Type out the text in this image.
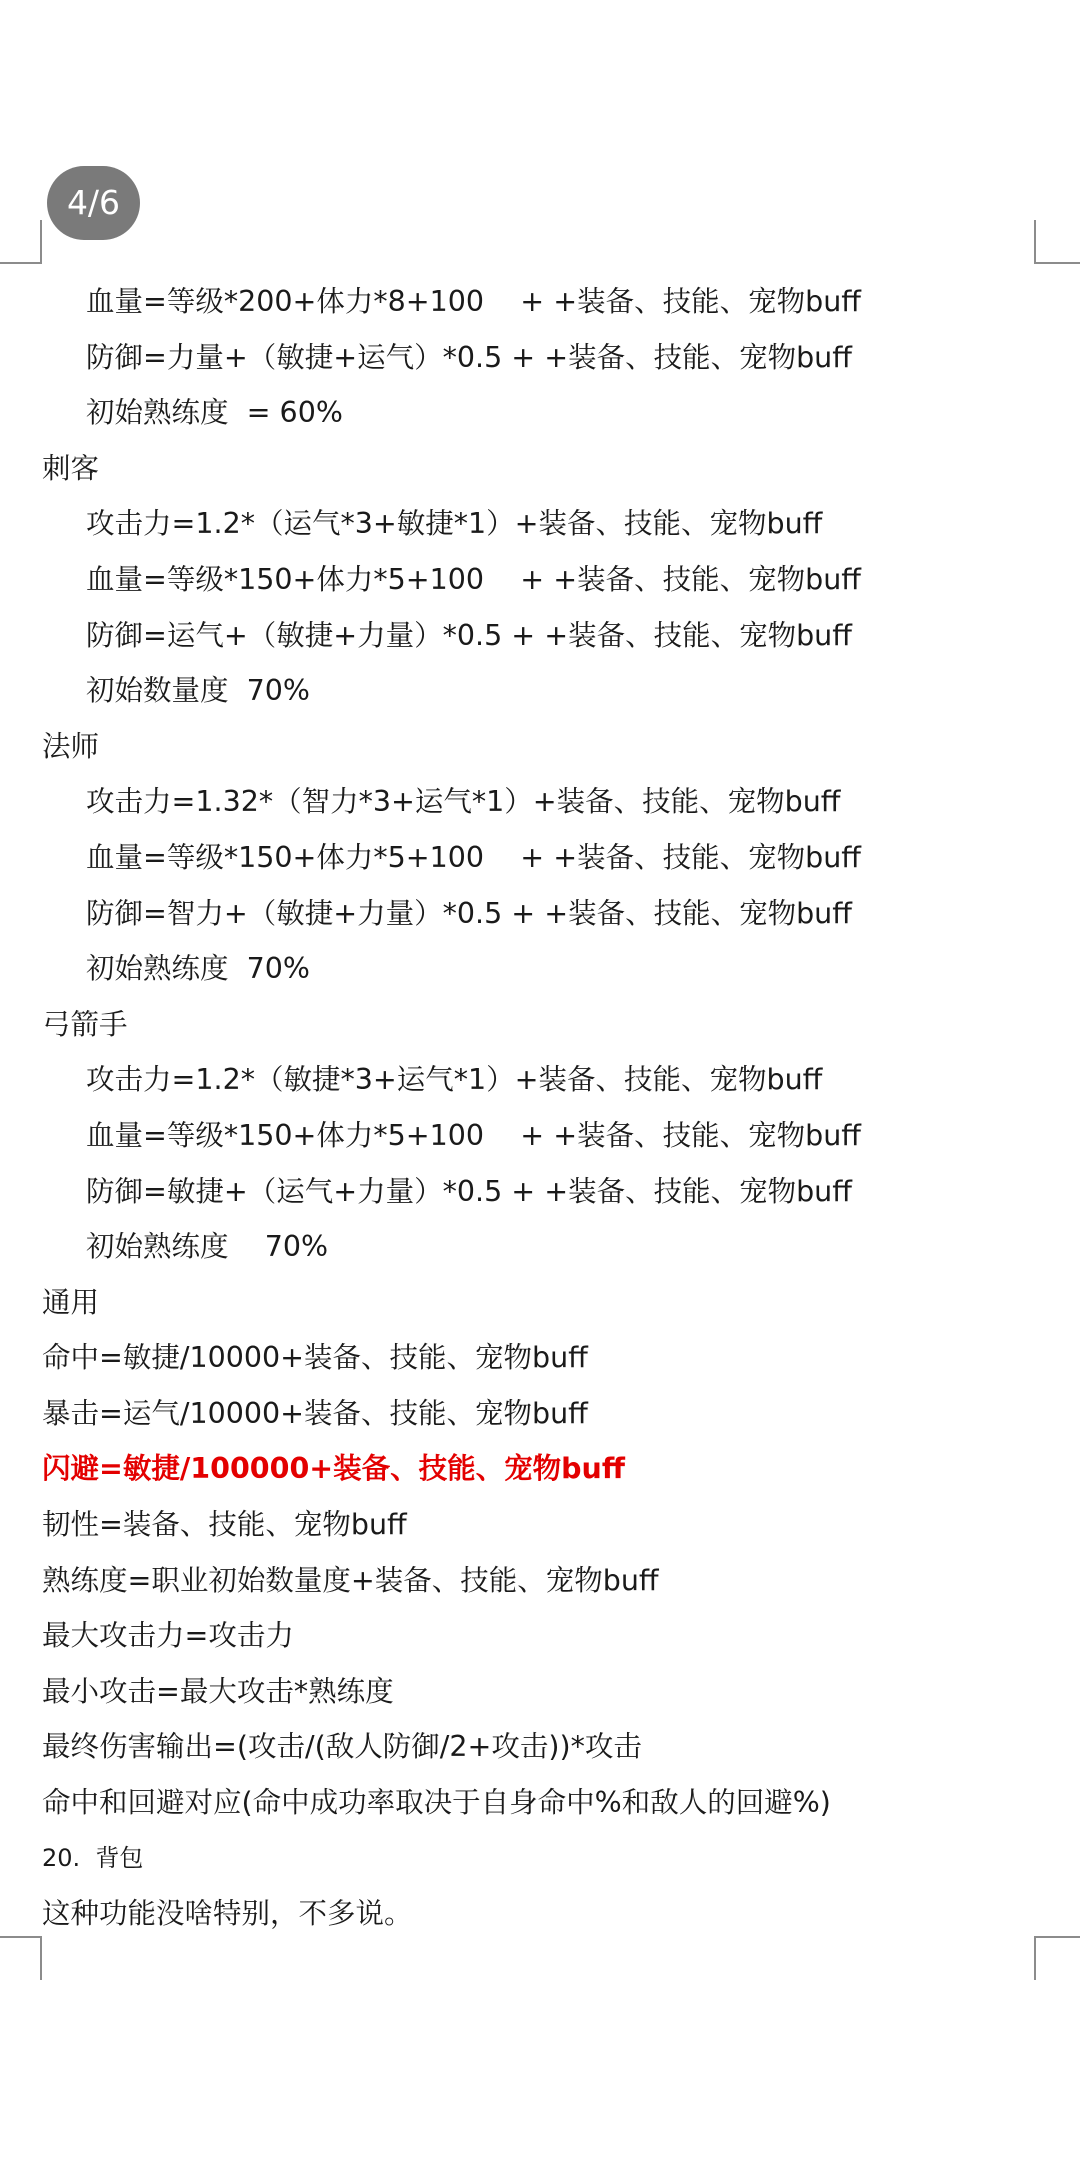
4/6
血量=等级*200+体力*8+100    + +装备、技能、宠物buff
防御=力量+（敏捷+运气）*0.5 + +装备、技能、宠物buff
初始熟练度  = 60%
刺客
攻击力=1.2*（运气*3+敏捷*1）+装备、技能、宠物buff
血量=等级*150+体力*5+100    + +装备、技能、宠物buff
防御=运气+（敏捷+力量）*0.5 + +装备、技能、宠物buff
初始数量度  70%
法师
攻击力=1.32*（智力*3+运气*1）+装备、技能、宠物buff
血量=等级*150+体力*5+100    + +装备、技能、宠物buff
防御=智力+（敏捷+力量）*0.5 + +装备、技能、宠物buff
初始熟练度  70%
弓箭手
攻击力=1.2*（敏捷*3+运气*1）+装备、技能、宠物buff
血量=等级*150+体力*5+100    + +装备、技能、宠物buff
防御=敏捷+（运气+力量）*0.5 + +装备、技能、宠物buff
初始熟练度    70%
通用
命中=敏捷/10000+装备、技能、宠物buff
暴击=运气/10000+装备、技能、宠物buff
闪避=敏捷/100000+装备、技能、宠物buff
韧性=装备、技能、宠物buff
熟练度=职业初始数量度+装备、技能、宠物buff
最大攻击力=攻击力
最小攻击=最大攻击*熟练度
最终伤害输出=(攻击/(敌人防御/2+攻击))*攻击
命中和回避对应(命中成功率取决于自身命中%和敌人的回避%)
20.  背包
这种功能没啥特别，不多说。
